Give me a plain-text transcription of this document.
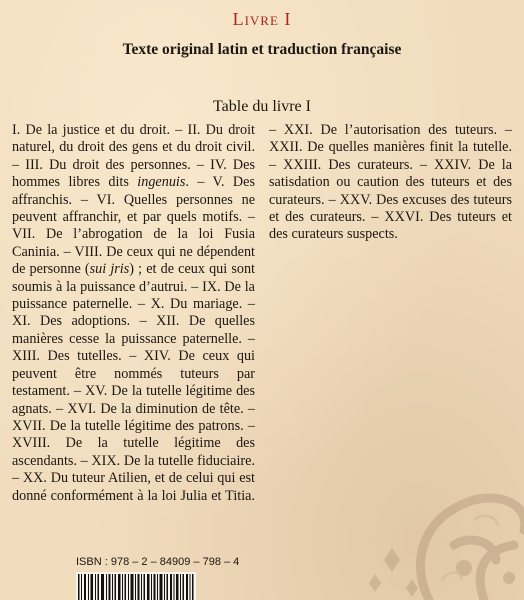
Livre I
Texte original latin et traduction française
Table du livre I

I. De la justice et du droit. – II. Du droit naturel, du droit des gens et du droit civil. – III. Du droit des personnes. – IV. Des hommes libres dits ingenuis. – V. Des affranchis. – VI. Quelles personnes ne peuvent affranchir, et par quels motifs. – VII. De l’abrogation de la loi Fusia Caninia. – VIII. De ceux qui ne dépendent de personne (sui jris) ; et de ceux qui sont soumis à la puissance d’autrui. – IX. De la puissance paternelle. – X. Du mariage. – XI. Des adoptions. – XII. De quelles manières cesse la puissance paternelle. – XIII. Des tutelles. – XIV. De ceux qui peuvent être nommés tuteurs par testament. – XV. De la tutelle légitime des agnats. – XVI. De la diminution de tête. – XVII. De la tutelle légitime des patrons. – XVIII. De la tutelle légitime des ascendants. – XIX. De la tutelle fiduciaire. – XX. Du tuteur Atilien, et de celui qui est donné conformément à la loi Julia et Titia. – XXI. De l’autorisation des tuteurs. – XXII. De quelles manières finit la tutelle. – XXIII. Des curateurs. – XXIV. De la satisdation ou caution des tuteurs et des curateurs. – XXV. Des excuses des tuteurs et des curateurs. – XXVI. Des tuteurs et des curateurs suspects.

ISBN : 978 – 2 – 84909 – 798 – 4
